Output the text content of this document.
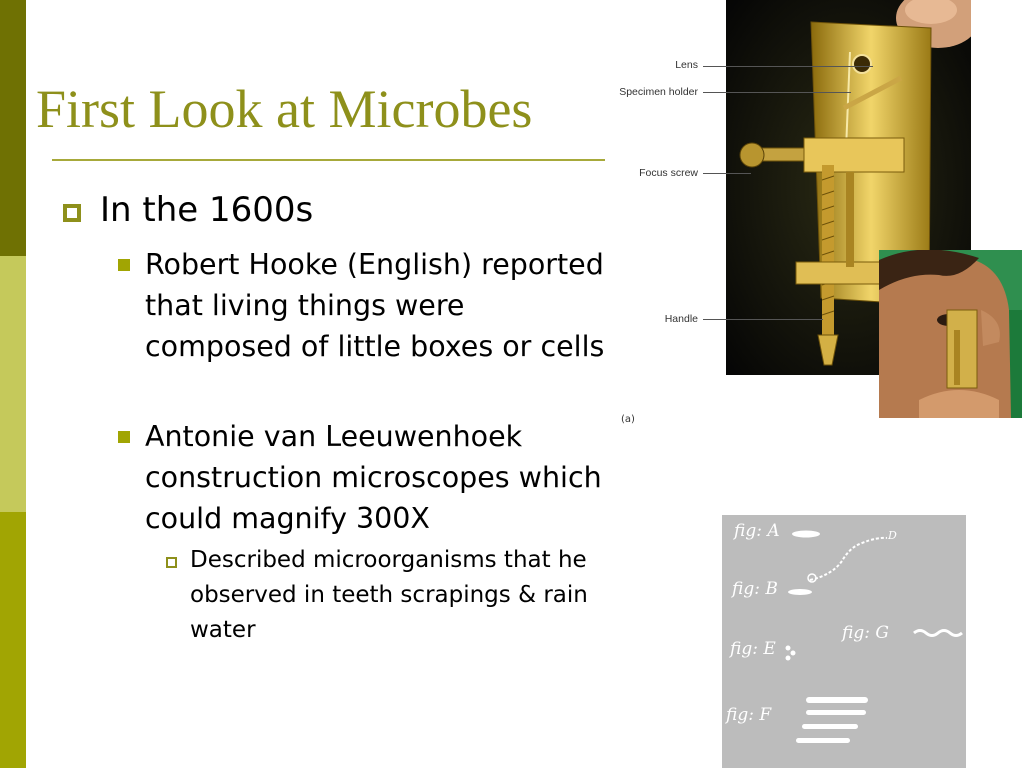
First Look at Microbes
In the 1600s
Robert Hooke (English) reported that living things were composed of little boxes or cells
Antonie van Leeuwenhoek construction microscopes which could magnify 300X
Described microorganisms that he observed in teeth scrapings & rain water
Lens
Specimen holder
Focus screw
Handle
(a)
fig: A	D
fig: B
fig: E
fig: G
fig: F
